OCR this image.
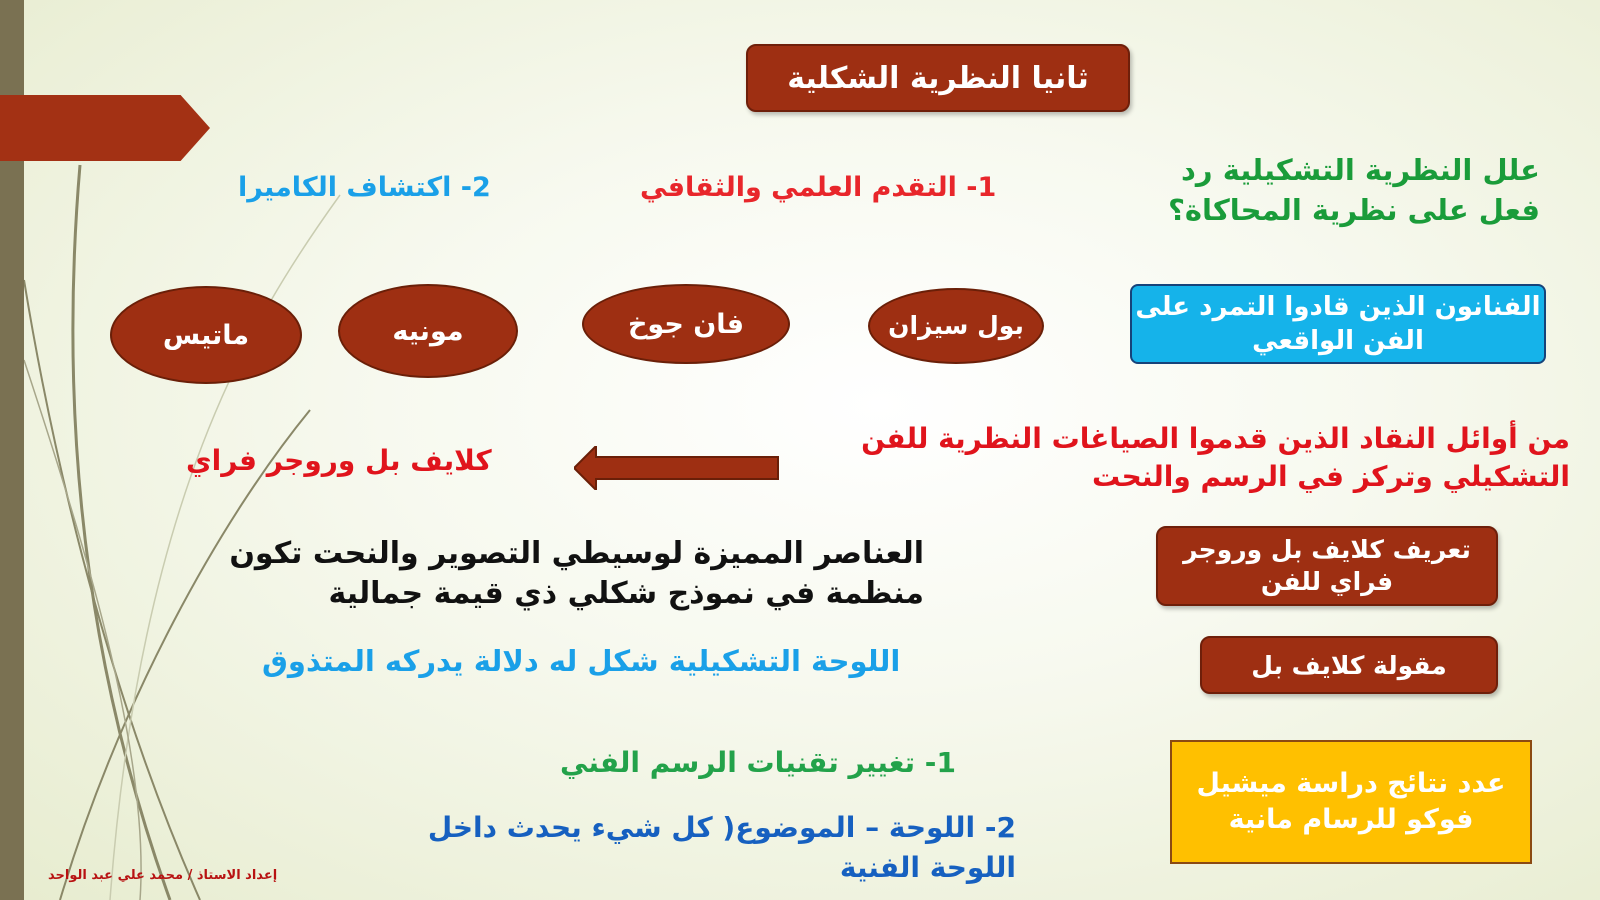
ثانيا النظرية الشكلية
علل النظرية التشكيلية رد فعل على نظرية المحاكاة؟
1- التقدم العلمي والثقافي
2- اكتشاف الكاميرا
الفنانون الذين قادوا التمرد على الفن الواقعي
بول سيزان
فان جوخ
مونيه
ماتيس
من أوائل النقاد الذين قدموا الصياغات النظرية للفن التشكيلي وتركز في الرسم والنحت
كلايف بل وروجر فراي
تعريف كلايف بل وروجر فراي للفن
العناصر المميزة لوسيطي التصوير والنحت تكون منظمة في نموذج شكلي ذي قيمة جمالية
مقولة كلايف بل
اللوحة التشكيلية شكل له دلالة يدركه المتذوق
عدد نتائج دراسة ميشيل فوكو للرسام مانية
1- تغيير تقنيات الرسم الفني
2- اللوحة – الموضوع( كل شيء يحدث داخل اللوحة الفنية
إعداد الاستاذ / محمد علي عبد الواحد
